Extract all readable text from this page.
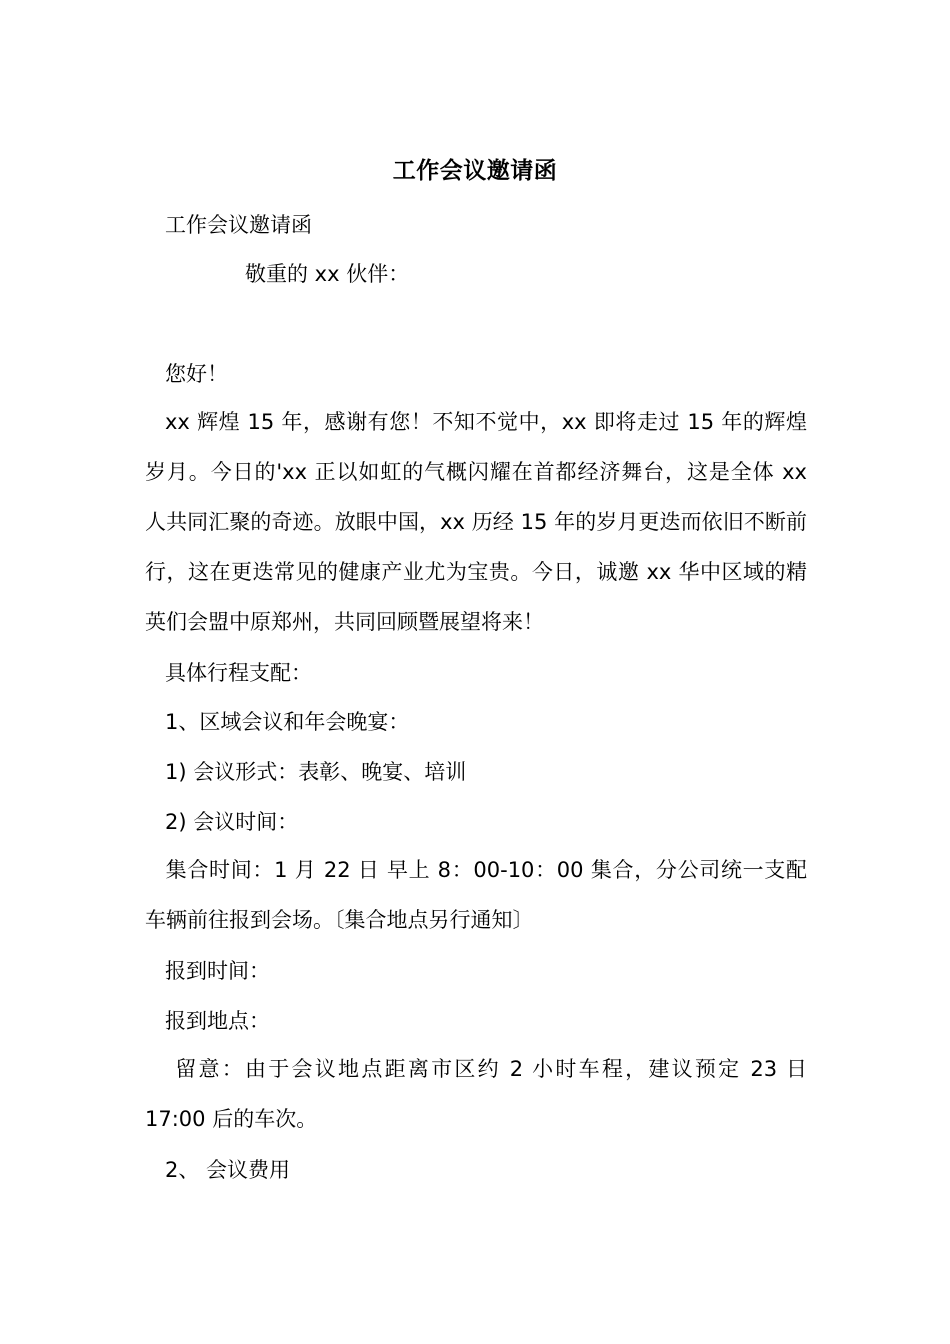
工作会议邀请函
工作会议邀请函
敬重的 xx 伙伴：
您好！
xx 辉煌 15 年，感谢有您！不知不觉中，xx 即将走过 15 年的辉煌岁月。今日的'xx 正以如虹的气概闪耀在首都经济舞台，这是全体 xx 人共同汇聚的奇迹。放眼中国，xx 历经 15 年的岁月更迭而依旧不断前行，这在更迭常见的健康产业尤为宝贵。今日，诚邀 xx 华中区域的精英们会盟中原郑州，共同回顾暨展望将来！
具体行程支配：
1、区域会议和年会晚宴：
1) 会议形式：表彰、晚宴、培训
2) 会议时间：
集合时间：1 月 22 日 早上 8：00-10：00 集合，分公司统一支配车辆前往报到会场。〔集合地点另行通知〕
报到时间：
报到地点：
留意：由于会议地点距离市区约 2 小时车程，建议预定 23 日 17:00 后的车次。
2、 会议费用
